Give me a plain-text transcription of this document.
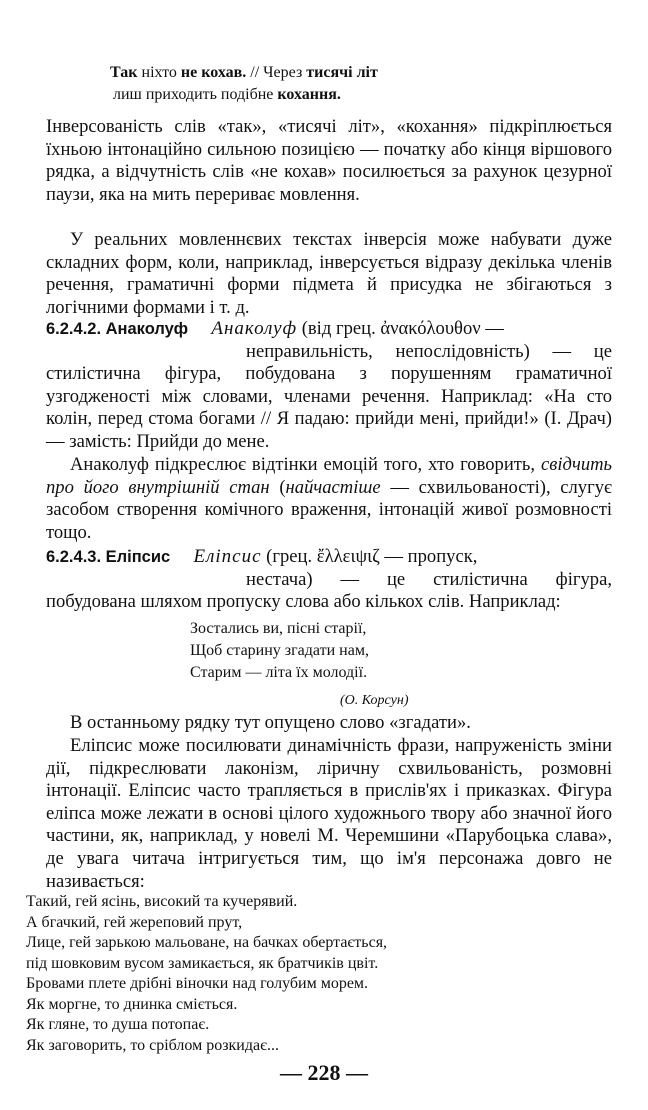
Так ніхто не кохав. // Через тисячі літ
лиш приходить подібне кохання.
Інверсованість слів «так», «тисячі літ», «кохання» підкріплюється їхньою інтонаційно сильною позицією — початку або кінця віршового рядка, а відчутність слів «не кохав» посилюється за рахунок цезурної паузи, яка на мить перериває мовлення.
У реальних мовленнєвих текстах інверсія може набувати дуже складних форм, коли, наприклад, інверсується відразу декілька членів речення, граматичні форми підмета й присудка не збігаються з логічними формами і т. д.
6.2.4.2. Анаколуф Анаколуф (від грец. ἀνακόλουθον —
неправильність, непослідовність) — це стилістична фігура, побудована з порушенням граматичної узгодженості між словами, членами речення. Наприклад: «На сто колін, перед стома богами // Я падаю: прийди мені, прийди!» (І. Драч) — замість: Прийди до мене.
Анаколуф підкреслює відтінки емоцій того, хто говорить, свідчить про його внутрішній стан (найчастіше — схвильованості), слугує засобом створення комічного враження, інтонацій живої розмовності тощо.
6.2.4.3. Еліпсис Еліпсис (грец. ἔλλειψιζ — пропуск,
нестача) — це стилістична фігура, побудована шляхом пропуску слова або кількох слів. Наприклад:
В останньому рядку тут опущено слово «згадати».
Еліпсис може посилювати динамічність фрази, напруженість зміни дії, підкреслювати лаконізм, ліричну схвильованість, розмовні інтонації. Еліпсис часто трапляється в прислів'ях і приказках. Фігура еліпса може лежати в основі цілого художнього твору або значної його частини, як, наприклад, у новелі М. Черемшини «Парубоцька слава», де увага читача інтригується тим, що ім'я персонажа довго не називається:
Зостались ви, пісні старії,
Щоб старину згадати нам,
Старим — літа їх молодії.
(О. Корсун)
Такий, гей ясінь, високий та кучерявий.
А бгачкий, гей жереповий прут,
Лице, гей зарькою мальоване, на бачках обертається,
під шовковим вусом замикається, як братчиків цвіт.
Бровами плете дрібні віночки над голубим морем.
Як моргне, то днинка сміється.
Як гляне, то душа потопає.
Як заговорить, то сріблом розкидає...
— 228 —
